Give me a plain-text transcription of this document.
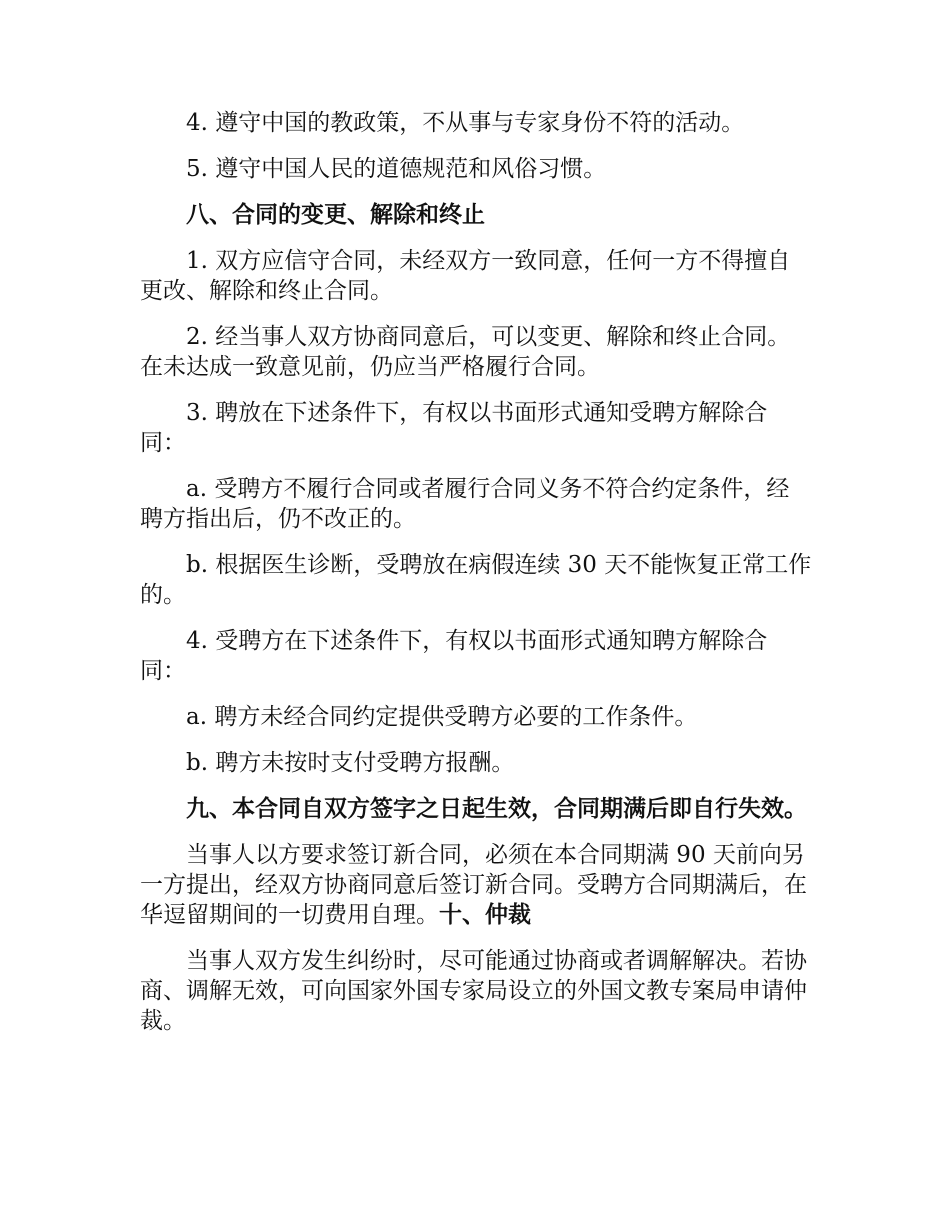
4. 遵守中国的教政策，不从事与专家身份不符的活动。

5. 遵守中国人民的道德规范和风俗习惯。

八、合同的变更、解除和终止

1. 双方应信守合同，未经双方一致同意，任何一方不得擅自更改、解除和终止合同。

2. 经当事人双方协商同意后，可以变更、解除和终止合同。在未达成一致意见前，仍应当严格履行合同。

3. 聘放在下述条件下，有权以书面形式通知受聘方解除合同：

a. 受聘方不履行合同或者履行合同义务不符合约定条件，经聘方指出后，仍不改正的。

b. 根据医生诊断，受聘放在病假连续 30 天不能恢复正常工作的。

4. 受聘方在下述条件下，有权以书面形式通知聘方解除合同：

a. 聘方未经合同约定提供受聘方必要的工作条件。

b. 聘方未按时支付受聘方报酬。

九、本合同自双方签字之日起生效，合同期满后即自行失效。

当事人以方要求签订新合同，必须在本合同期满 90 天前向另一方提出，经双方协商同意后签订新合同。受聘方合同期满后，在华逗留期间的一切费用自理。十、仲裁

当事人双方发生纠纷时，尽可能通过协商或者调解解决。若协商、调解无效，可向国家外国专家局设立的外国文教专案局申请仲裁。
